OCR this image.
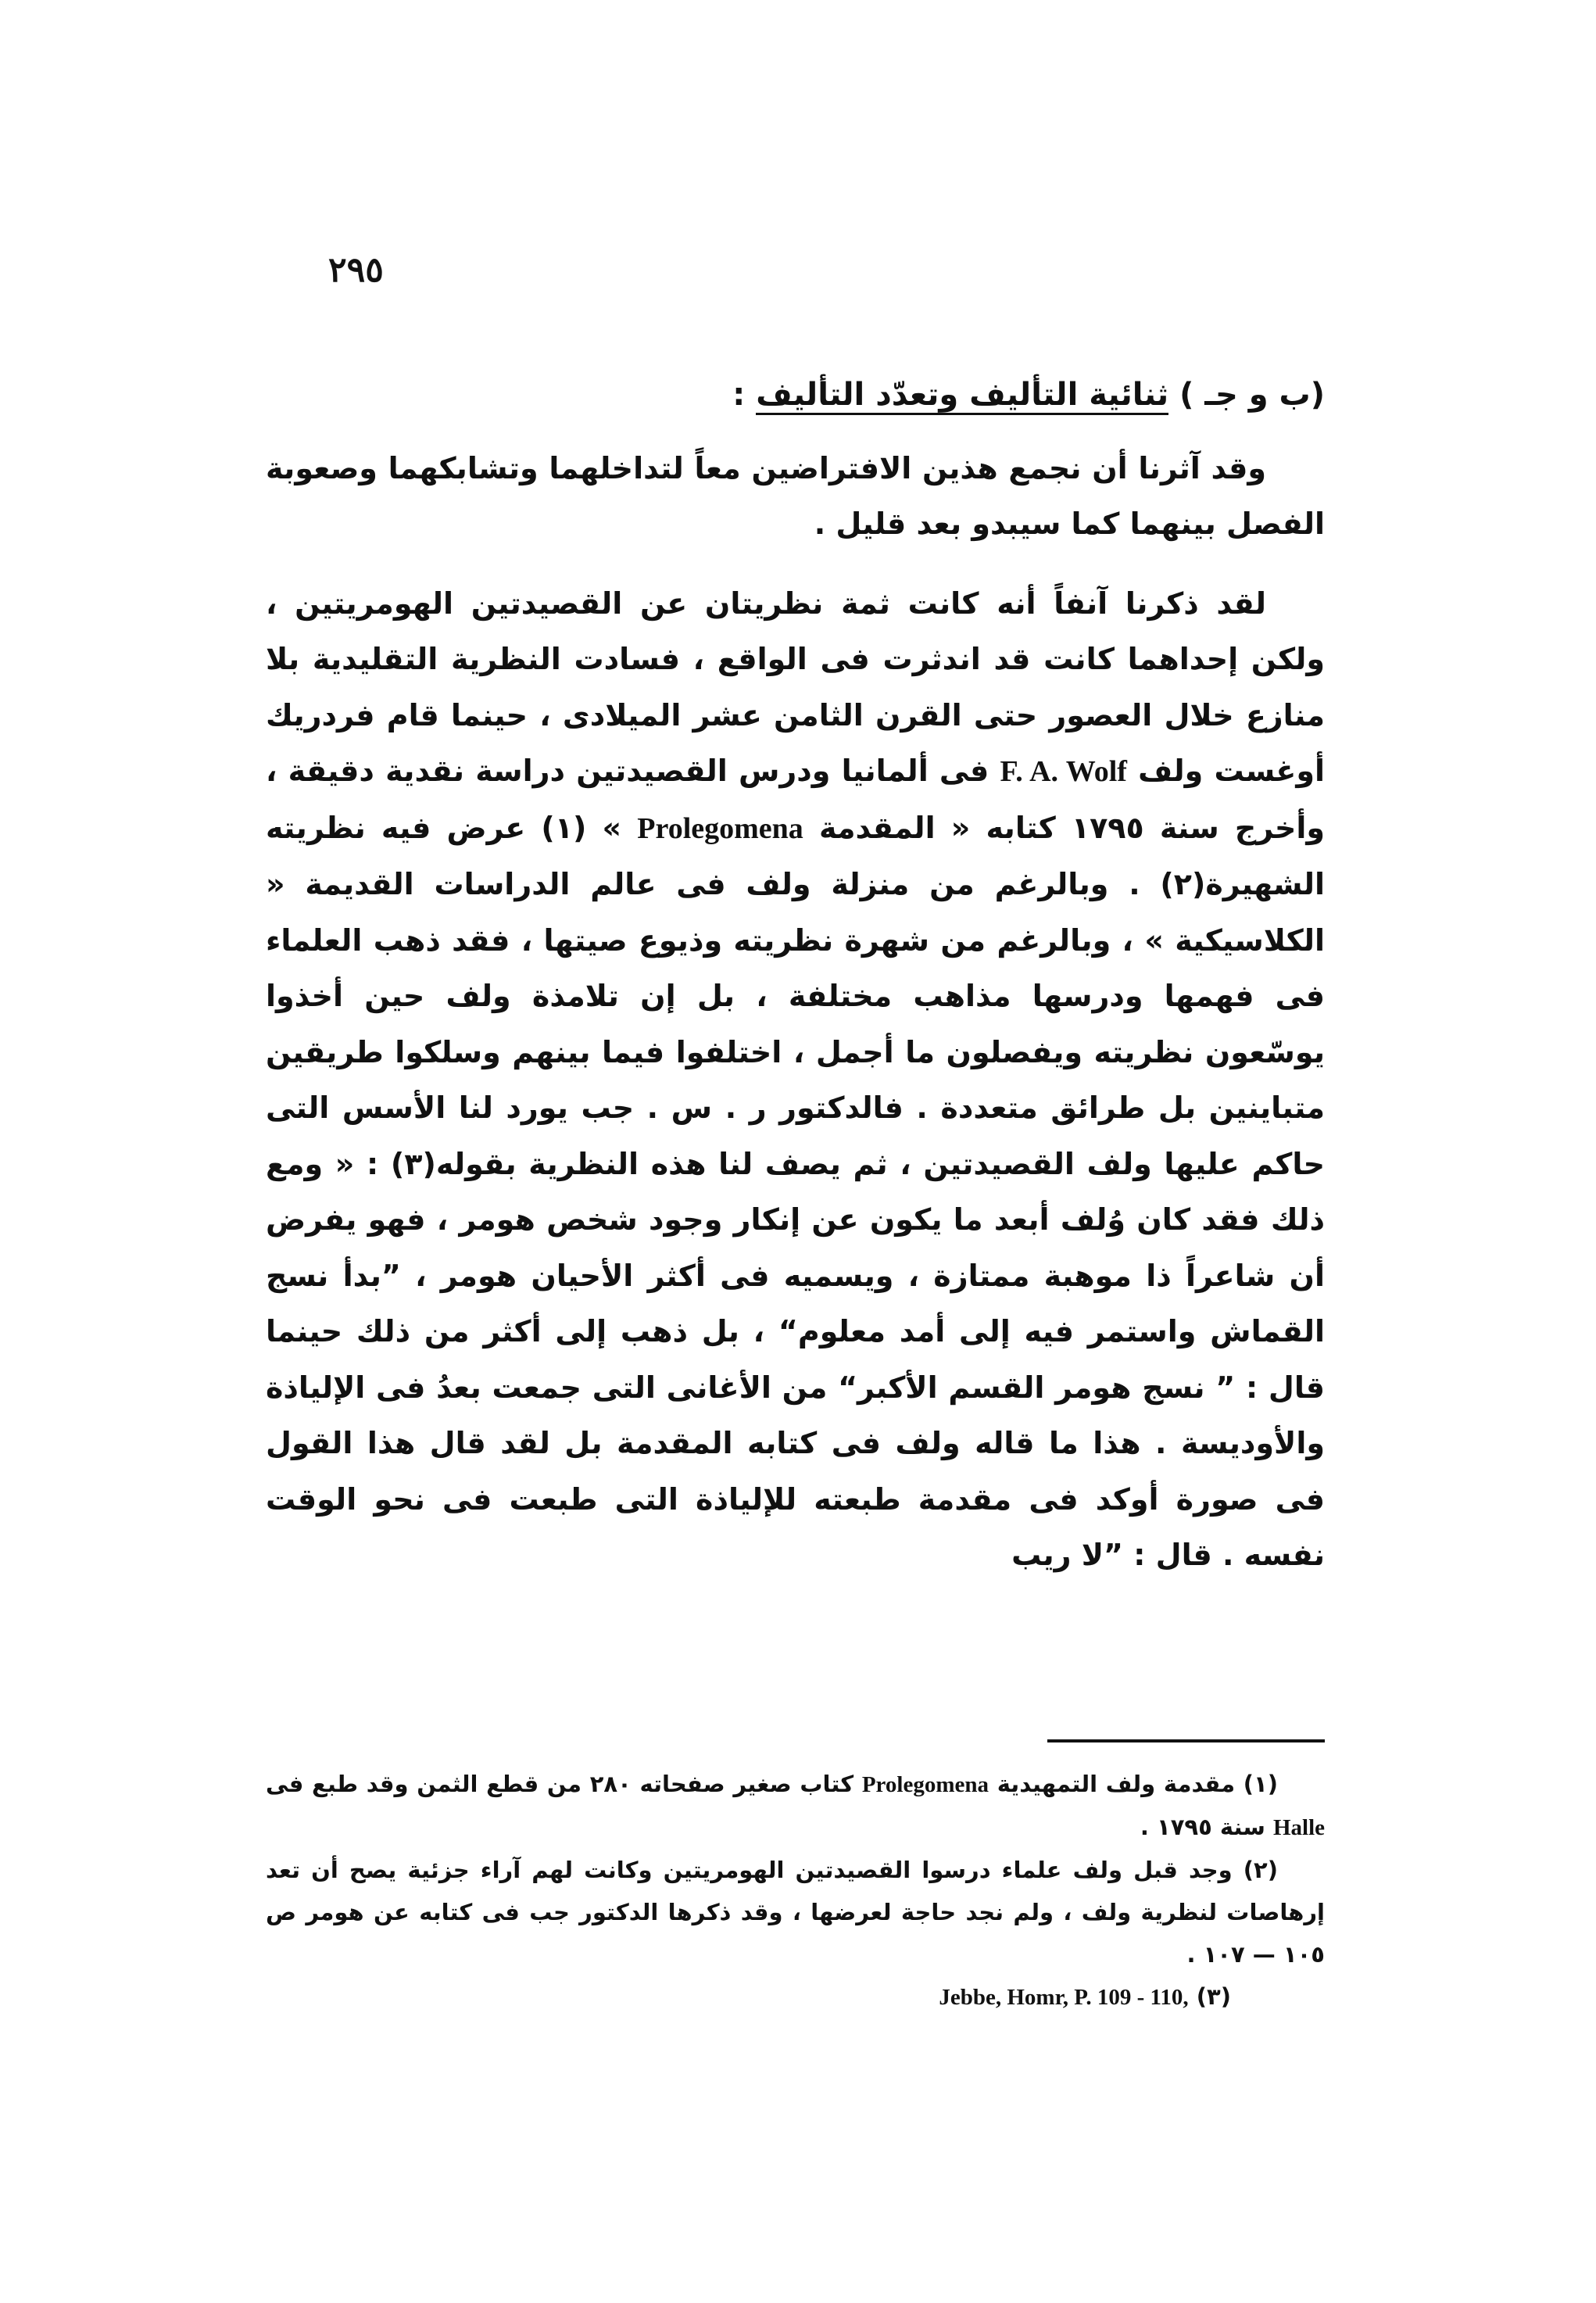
٢٩٥

(ب و جـ ) ثنائية التأليف وتعدّد التأليف :

وقد آثرنا أن نجمع هذين الافتراضين معاً لتداخلهما وتشابكهما وصعوبة الفصل بينهما كما سيبدو بعد قليل .

لقد ذكرنا آنفاً أنه كانت ثمة نظريتان عن القصيدتين الهومريتين ، ولكن إحداهما كانت قد اندثرت فى الواقع ، فسادت النظرية التقليدية بلا منازع خلال العصور حتى القرن الثامن عشر الميلادى ، حينما قام فردريك أوغست ولف F. A. Wolf فى ألمانيا ودرس القصيدتين دراسة نقدية دقيقة ، وأخرج سنة ١٧٩٥ كتابه « المقدمة Prolegomena » (١) عرض فيه نظريته الشهيرة(٢) . وبالرغم من منزلة ولف فى عالم الدراسات القديمة « الكلاسيكية » ، وبالرغم من شهرة نظريته وذيوع صيتها ، فقد ذهب العلماء فى فهمها ودرسها مذاهب مختلفة ، بل إن تلامذة ولف حين أخذوا يوسّعون نظريته ويفصلون ما أجمل ، اختلفوا فيما بينهم وسلكوا طريقين متباينين بل طرائق متعددة . فالدكتور ر . س . جب يورد لنا الأسس التى حاكم عليها ولف القصيدتين ، ثم يصف لنا هذه النظرية بقوله(٣) : « ومع ذلك فقد كان وُلف أبعد ما يكون عن إنكار وجود شخص هومر ، فهو يفرض أن شاعراً ذا موهبة ممتازة ، ويسميه فى أكثر الأحيان هومر ، ”بدأ نسج القماش واستمر فيه إلى أمد معلوم“ ، بل ذهب إلى أكثر من ذلك حينما قال : ” نسج هومر القسم الأكبر“ من الأغانى التى جمعت بعدُ فى الإلياذة والأوديسة . هذا ما قاله ولف فى كتابه المقدمة بل لقد قال هذا القول فى صورة أوكد فى مقدمة طبعته للإلياذة التى طبعت فى نحو الوقت نفسه . قال : ”لا ريب

(١) مقدمة ولف التمهيدية Prolegomena كتاب صغير صفحاته ٢٨٠ من قطع الثمن وقد طبع فى Halle سنة ١٧٩٥ .

(٢) وجد قبل ولف علماء درسوا القصيدتين الهومريتين وكانت لهم آراء جزئية يصح أن تعد إرهاصات لنظرية ولف ، ولم نجد حاجة لعرضها ، وقد ذكرها الدكتور جب فى كتابه عن هومر ص ١٠٥ — ١٠٧ .

(٣) Jebbe, Homr, P. 109 - 110,
